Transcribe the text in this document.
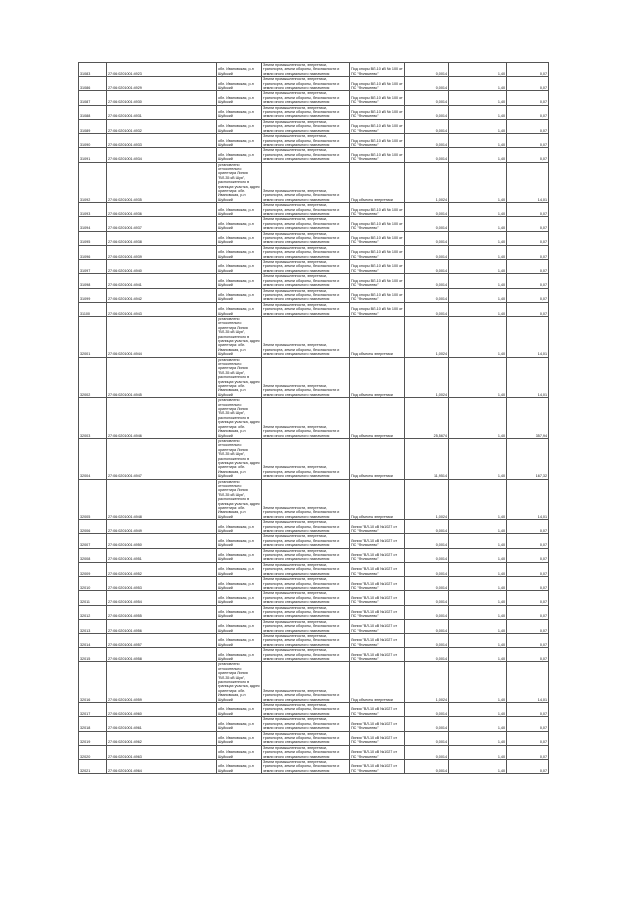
31083	27:06:0201001:4923	обл. Ивановская, р-н Шуйский	Земли промышленности, энергетики, транспорта, земли обороны, безопасности и земли иного специального назначения	Под опоры ВЛ-10 кВ № 100 от ПС "Фильчеево"	0,0014	1,40	0,07
31086	27:06:0201001:4929	обл. Ивановская, р-н Шуйский	Земли промышленности, энергетики, транспорта, земли обороны, безопасности и земли иного специального назначения	Под опоры ВЛ-10 кВ № 100 от ПС "Фильчеево"	0,0014	1,40	0,07
31087	27:06:0201001:4930	обл. Ивановская, р-н Шуйский	Земли промышленности, энергетики, транспорта, земли обороны, безопасности и земли иного специального назначения	Под опоры ВЛ-10 кВ № 100 от ПС "Фильчеево"	0,0014	1,40	0,07
31088	27:06:0201001:4931	обл. Ивановская, р-н Шуйский	Земли промышленности, энергетики, транспорта, земли обороны, безопасности и земли иного специального назначения	Под опоры ВЛ-10 кВ № 100 от ПС "Фильчеево"	0,0014	1,40	0,07
31089	27:06:0201001:4932	обл. Ивановская, р-н Шуйский	Земли промышленности, энергетики, транспорта, земли обороны, безопасности и земли иного специального назначения	Под опоры ВЛ-10 кВ № 100 от ПС "Фильчеево"	0,0014	1,40	0,07
31090	27:06:0201001:4933	обл. Ивановская, р-н Шуйский	Земли промышленности, энергетики, транспорта, земли обороны, безопасности и земли иного специального назначения	Под опоры ВЛ-10 кВ № 100 от ПС "Фильчеево"	0,0014	1,40	0,07
31091	27:06:0201001:4934	обл. Ивановская, р-н Шуйский	Земли промышленности, энергетики, транспорта, земли обороны, безопасности и земли иного специального назначения	Под опоры ВЛ-10 кВ № 100 от ПС "Фильчеево"	0,0014	1,40	0,07
31092	27:06:0201001:4935	установлено относительно ориентира Линия "ВЛ-35 кВ Шуя", расположенного в границах участка, адрес ориентира: обл. Ивановская, р-н Шуйский	Земли промышленности, энергетики, транспорта, земли обороны, безопасности и земли иного специального назначения	Под объекты энергетики	1,0024	1,40	14,01
31093	27:06:0201001:4936	обл. Ивановская, р-н Шуйский	Земли промышленности, энергетики, транспорта, земли обороны, безопасности и земли иного специального назначения	Под опоры ВЛ-10 кВ № 100 от ПС "Фильчеево"	0,0014	1,40	0,07
31094	27:06:0201001:4937	обл. Ивановская, р-н Шуйский	Земли промышленности, энергетики, транспорта, земли обороны, безопасности и земли иного специального назначения	Под опоры ВЛ-10 кВ № 100 от ПС "Фильчеево"	0,0014	1,40	0,07
31095	27:06:0201001:4938	обл. Ивановская, р-н Шуйский	Земли промышленности, энергетики, транспорта, земли обороны, безопасности и земли иного специального назначения	Под опоры ВЛ-10 кВ № 100 от ПС "Фильчеево"	0,0014	1,40	0,07
31096	27:06:0201001:4939	обл. Ивановская, р-н Шуйский	Земли промышленности, энергетики, транспорта, земли обороны, безопасности и земли иного специального назначения	Под опоры ВЛ-10 кВ № 100 от ПС "Фильчеево"	0,0014	1,40	0,07
31097	27:06:0201001:4940	обл. Ивановская, р-н Шуйский	Земли промышленности, энергетики, транспорта, земли обороны, безопасности и земли иного специального назначения	Под опоры ВЛ-10 кВ № 100 от ПС "Фильчеево"	0,0014	1,40	0,07
31098	27:06:0201001:4941	обл. Ивановская, р-н Шуйский	Земли промышленности, энергетики, транспорта, земли обороны, безопасности и земли иного специального назначения	Под опоры ВЛ-10 кВ № 100 от ПС "Фильчеево"	0,0014	1,40	0,07
31099	27:06:0201001:4942	обл. Ивановская, р-н Шуйский	Земли промышленности, энергетики, транспорта, земли обороны, безопасности и земли иного специального назначения	Под опоры ВЛ-10 кВ № 100 от ПС "Фильчеево"	0,0014	1,40	0,07
31100	27:06:0201001:4943	обл. Ивановская, р-н Шуйский	Земли промышленности, энергетики, транспорта, земли обороны, безопасности и земли иного специального назначения	Под опоры ВЛ-10 кВ № 100 от ПС "Фильчеево"	0,0014	1,40	0,07
32001	27:06:0201001:4944	установлено относительно ориентира Линия "ВЛ-35 кВ Шуя", расположенного в границах участка, адрес ориентира: обл. Ивановская, р-н Шуйский	Земли промышленности, энергетики, транспорта, земли обороны, безопасности и земли иного специального назначения	Под объекты энергетики	1,0024	1,40	14,01
32002	27:06:0201001:4945	установлено относительно ориентира Линия "ВЛ-35 кВ Шуя", расположенного в границах участка, адрес ориентира: обл. Ивановская, р-н Шуйский	Земли промышленности, энергетики, транспорта, земли обороны, безопасности и земли иного специального назначения	Под объекты энергетики	1,0024	1,40	14,01
32003	27:06:0201001:4946	установлено относительно ориентира Линия "ВЛ-35 кВ Шуя", расположенного в границах участка, адрес ориентира: обл. Ивановская, р-н Шуйский	Земли промышленности, энергетики, транспорта, земли обороны, безопасности и земли иного специального назначения	Под объекты энергетики	25,5674	1,40	357,94
32004	27:06:0201001:4947	установлено относительно ориентира Линия "ВЛ-35 кВ Шуя", расположенного в границах участка, адрес ориентира: обл. Ивановская, р-н Шуйский	Земли промышленности, энергетики, транспорта, земли обороны, безопасности и земли иного специального назначения	Под объекты энергетики	11,9514	1,40	167,32
32005	27:06:0201001:4948	установлено относительно ориентира Линия "ВЛ-35 кВ Шуя", расположенного в границах участка, адрес ориентира: обл. Ивановская, р-н Шуйский	Земли промышленности, энергетики, транспорта, земли обороны, безопасности и земли иного специального назначения	Под объекты энергетики	1,0024	1,40	14,01
32006	27:06:0201001:4949	обл. Ивановская, р-н Шуйский	Земли промышленности, энергетики, транспорта, земли обороны, безопасности и земли иного специального назначения	Линия "ВЛ-10 кВ №1027 от ПС "Фильчеево"	0,0014	1,40	0,07
32007	27:06:0201001:4950	обл. Ивановская, р-н Шуйский	Земли промышленности, энергетики, транспорта, земли обороны, безопасности и земли иного специального назначения	Линия "ВЛ-10 кВ №1027 от ПС "Фильчеево"	0,0014	1,40	0,07
32008	27:06:0201001:4951	обл. Ивановская, р-н Шуйский	Земли промышленности, энергетики, транспорта, земли обороны, безопасности и земли иного специального назначения	Линия "ВЛ-10 кВ №1027 от ПС "Фильчеево"	0,0014	1,40	0,07
32009	27:06:0201001:4952	обл. Ивановская, р-н Шуйский	Земли промышленности, энергетики, транспорта, земли обороны, безопасности и земли иного специального назначения	Линия "ВЛ-10 кВ №1027 от ПС "Фильчеево"	0,0014	1,40	0,07
32010	27:06:0201001:4953	обл. Ивановская, р-н Шуйский	Земли промышленности, энергетики, транспорта, земли обороны, безопасности и земли иного специального назначения	Линия "ВЛ-10 кВ №1027 от ПС "Фильчеево"	0,0014	1,40	0,07
32011	27:06:0201001:4954	обл. Ивановская, р-н Шуйский	Земли промышленности, энергетики, транспорта, земли обороны, безопасности и земли иного специального назначения	Линия "ВЛ-10 кВ №1027 от ПС "Фильчеево"	0,0014	1,40	0,07
32012	27:06:0201001:4955	обл. Ивановская, р-н Шуйский	Земли промышленности, энергетики, транспорта, земли обороны, безопасности и земли иного специального назначения	Линия "ВЛ-10 кВ №1027 от ПС "Фильчеево"	0,0014	1,40	0,07
32013	27:06:0201001:4956	обл. Ивановская, р-н Шуйский	Земли промышленности, энергетики, транспорта, земли обороны, безопасности и земли иного специального назначения	Линия "ВЛ-10 кВ №1027 от ПС "Фильчеево"	0,0014	1,40	0,07
32014	27:06:0201001:4957	обл. Ивановская, р-н Шуйский	Земли промышленности, энергетики, транспорта, земли обороны, безопасности и земли иного специального назначения	Линия "ВЛ-10 кВ №1027 от ПС "Фильчеево"	0,0014	1,40	0,07
32015	27:06:0201001:4958	обл. Ивановская, р-н Шуйский	Земли промышленности, энергетики, транспорта, земли обороны, безопасности и земли иного специального назначения	Линия "ВЛ-10 кВ №1027 от ПС "Фильчеево"	0,0014	1,40	0,07
32016	27:06:0201001:4959	установлено относительно ориентира Линия "ВЛ-35 кВ Шуя", расположенного в границах участка, адрес ориентира: обл. Ивановская, р-н Шуйский	Земли промышленности, энергетики, транспорта, земли обороны, безопасности и земли иного специального назначения	Под объекты энергетики	1,0024	1,40	14,01
32017	27:06:0201001:4960	обл. Ивановская, р-н Шуйский	Земли промышленности, энергетики, транспорта, земли обороны, безопасности и земли иного специального назначения	Линия "ВЛ-10 кВ №1027 от ПС "Фильчеево"	0,0014	1,40	0,07
32018	27:06:0201001:4961	обл. Ивановская, р-н Шуйский	Земли промышленности, энергетики, транспорта, земли обороны, безопасности и земли иного специального назначения	Линия "ВЛ-10 кВ №1027 от ПС "Фильчеево"	0,0014	1,40	0,07
32019	27:06:0201001:4962	обл. Ивановская, р-н Шуйский	Земли промышленности, энергетики, транспорта, земли обороны, безопасности и земли иного специального назначения	Линия "ВЛ-10 кВ №1027 от ПС "Фильчеево"	0,0014	1,40	0,07
32020	27:06:0201001:4963	обл. Ивановская, р-н Шуйский	Земли промышленности, энергетики, транспорта, земли обороны, безопасности и земли иного специального назначения	Линия "ВЛ-10 кВ №1027 от ПС "Фильчеево"	0,0014	1,40	0,07
32021	27:06:0201001:4964	обл. Ивановская, р-н Шуйский	Земли промышленности, энергетики, транспорта, земли обороны, безопасности и земли иного специального назначения	Линия "ВЛ-10 кВ №1027 от ПС "Фильчеево"	0,0014	1,40	0,07
